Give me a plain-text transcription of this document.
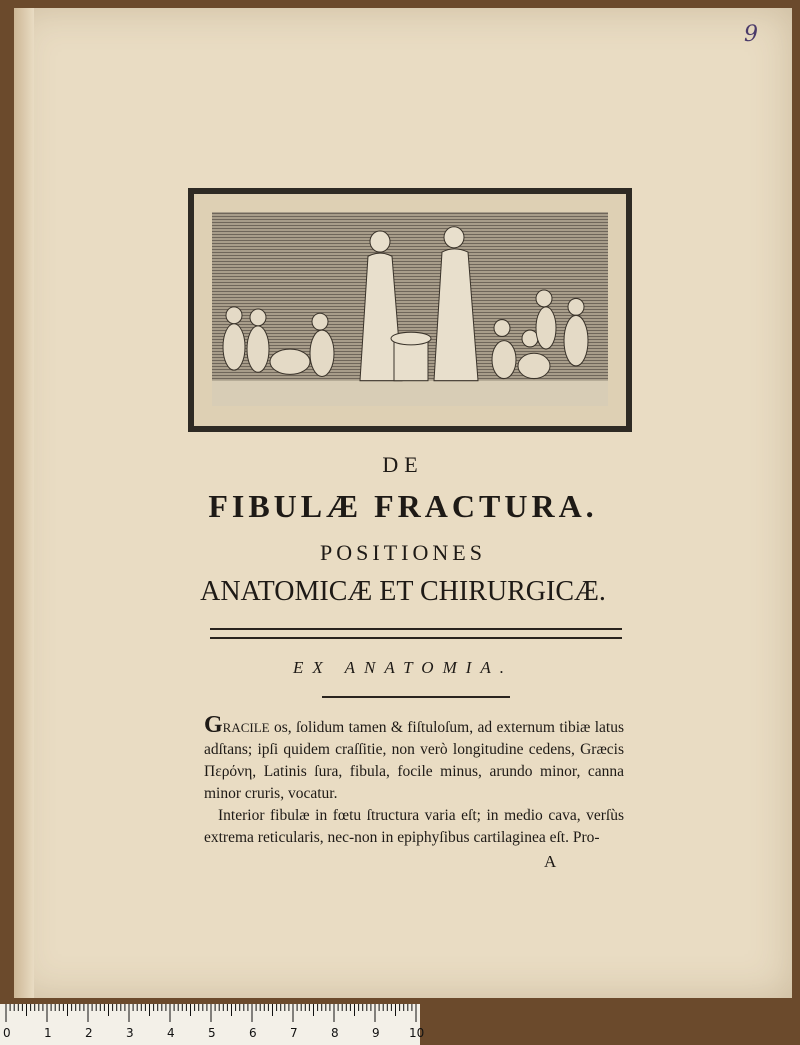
9
DE
FIBULÆ FRACTURA.
POSITIONES
ANATOMICÆ ET CHIRURGICÆ.
EX ANATOMIA.

GRACILE os, ſolidum tamen & fiſtuloſum, ad externum tibiæ latus adſtans; ipſi quidem craſſitie, non verò longitudine cedens, Græcis Περόνη, Latinis ſura, fibula, focile minus, arundo minor, canna minor cruris, vocatur.

Interior fibulæ in fœtu ſtructura varia eſt; in medio cava, verſùs extrema reticularis, nec-non in epiphyſibus cartilaginea eſt. Pro-

A
0	1	2	3	4	5	6	7	8	9 10
